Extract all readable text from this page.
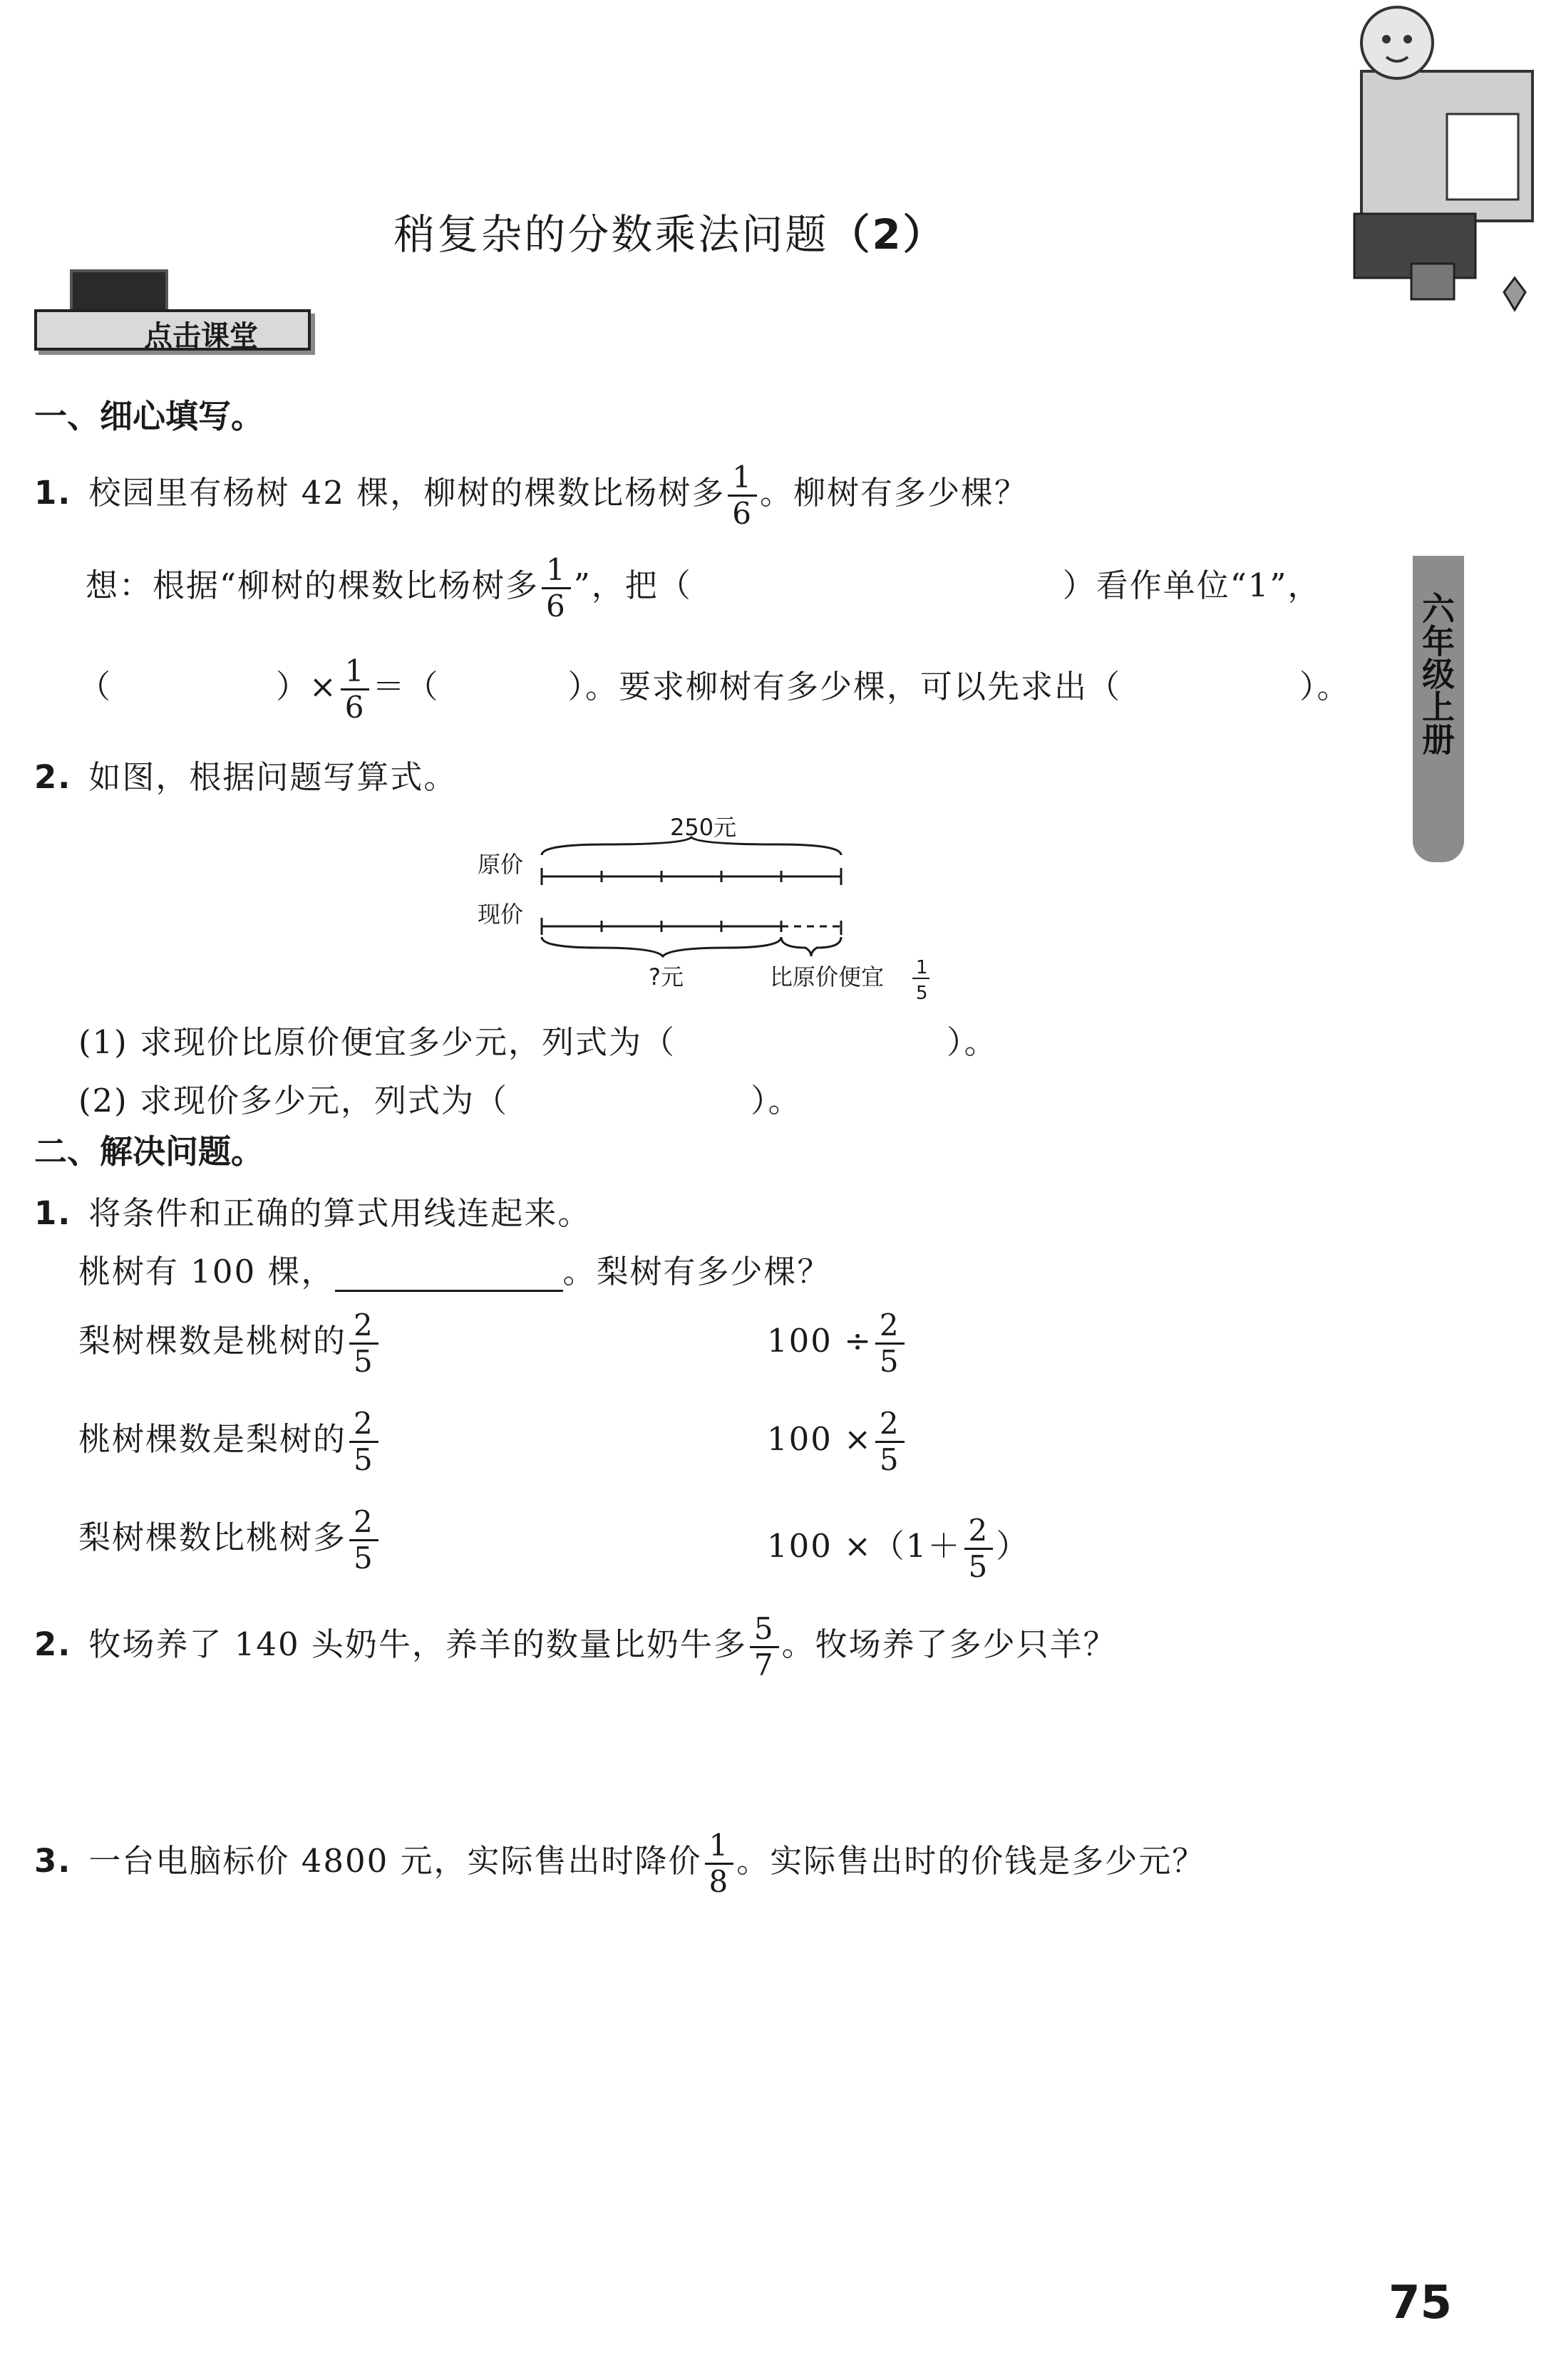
稍复杂的分数乘法问题（2）
点击课堂
六年级上册
一、细心填写。
1. 校园里有杨树 42 棵，柳树的棵数比杨树多 $\frac{1}{6}$ 。柳树有多少棵？
想：根据“柳树的棵数比杨树多 $\frac{1}{6}$ ”，把（	）看作单位“1”，
（	）× $\frac{1}{6}$ ＝（	）。要求柳树有多少棵，可以先求出（	）。
2. 如图，根据问题写算式。
250元
原价
现价
?元	比原价便宜 1
5
(1) 求现价比原价便宜多少元，列式为（	）。
(2) 求现价多少元，列式为（	）。
二、解决问题。
1. 将条件和正确的算式用线连起来。
桃树有 100 棵，	。梨树有多少棵？
梨树棵数是桃树的 $\frac{2}{5}$
桃树棵数是梨树的 $\frac{2}{5}$
梨树棵数比桃树多 $\frac{2}{5}$
$100 \div \frac{2}{5}$
$100 \times \frac{2}{5}$
$100 \times(1+ \frac{2}{5}$ ）
2. 牧场养了 140 头奶牛，养羊的数量比奶牛多 $\frac{5}{7}$ 。牧场养了多少只羊？
3. 一台电脑标价 4800 元，实际售出时降价 $\frac{1}{8}$ 。实际售出时的价钱是多少元？
75
